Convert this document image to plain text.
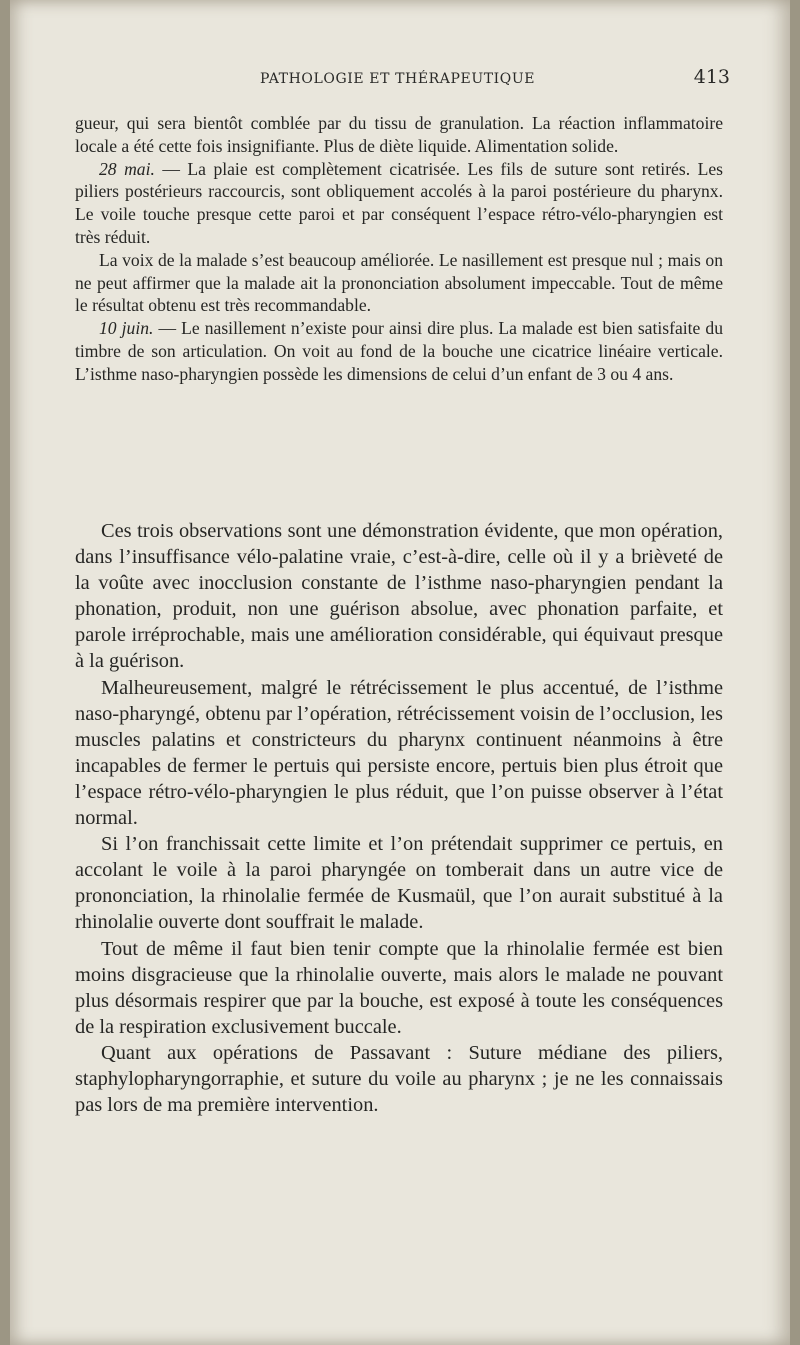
PATHOLOGIE ET THÉRAPEUTIQUE	413

gueur, qui sera bientôt comblée par du tissu de granulation. La réaction inflammatoire locale a été cette fois insignifiante. Plus de diète liquide. Alimentation solide.

28 mai. — La plaie est complètement cicatrisée. Les fils de suture sont retirés. Les piliers postérieurs raccourcis, sont obliquement accolés à la paroi postérieure du pharynx. Le voile touche presque cette paroi et par conséquent l’espace rétro-vélo-pharyngien est très réduit.

La voix de la malade s’est beaucoup améliorée. Le nasillement est presque nul ; mais on ne peut affirmer que la malade ait la prononciation absolument impeccable. Tout de même le résultat obtenu est très recommandable.

10 juin. — Le nasillement n’existe pour ainsi dire plus. La malade est bien satisfaite du timbre de son articulation. On voit au fond de la bouche une cicatrice linéaire verticale. L’isthme naso-pharyngien possède les dimensions de celui d’un enfant de 3 ou 4 ans.

Ces trois observations sont une démonstration évidente, que mon opération, dans l’insuffisance vélo-palatine vraie, c’est-à-dire, celle où il y a brièveté de la voûte avec inocclusion constante de l’isthme naso-pharyngien pendant la phonation, produit, non une guérison absolue, avec phonation parfaite, et parole irréprochable, mais une amélioration considérable, qui équivaut presque à la guérison.

Malheureusement, malgré le rétrécissement le plus accentué, de l’isthme naso-pharyngé, obtenu par l’opération, rétrécissement voisin de l’occlusion, les muscles palatins et constricteurs du pharynx continuent néanmoins à être incapables de fermer le pertuis qui persiste encore, pertuis bien plus étroit que l’espace rétro-vélo-pharyngien le plus réduit, que l’on puisse observer à l’état normal.

Si l’on franchissait cette limite et l’on prétendait supprimer ce pertuis, en accolant le voile à la paroi pharyngée on tomberait dans un autre vice de prononciation, la rhinolalie fermée de Kusmaül, que l’on aurait substitué à la rhinolalie ouverte dont souffrait le malade.

Tout de même il faut bien tenir compte que la rhinolalie fermée est bien moins disgracieuse que la rhinolalie ouverte, mais alors le malade ne pouvant plus désormais respirer que par la bouche, est exposé à toute les conséquences de la respiration exclusivement buccale.

Quant aux opérations de Passavant : Suture médiane des piliers, staphylopharyngorraphie, et suture du voile au pharynx ; je ne les connaissais pas lors de ma première intervention.
